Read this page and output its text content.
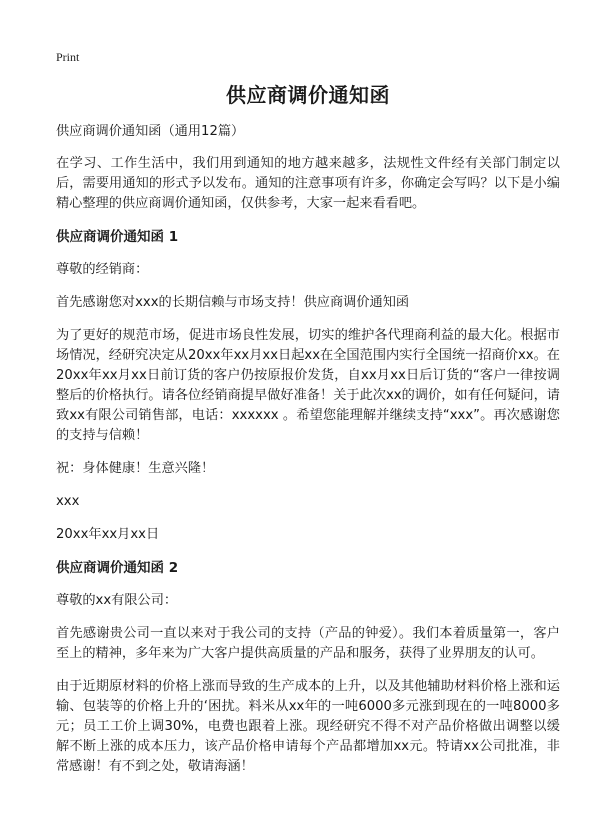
Print
供应商调价通知函

供应商调价通知函（通用12篇）

在学习、工作生活中，我们用到通知的地方越来越多，法规性文件经有关部门制定以后，需要用通知的形式予以发布。通知的注意事项有许多，你确定会写吗？以下是小编精心整理的供应商调价通知函，仅供参考，大家一起来看看吧。

供应商调价通知函 1

尊敬的经销商：

首先感谢您对xxx的长期信赖与市场支持！供应商调价通知函

为了更好的规范市场，促进市场良性发展，切实的维护各代理商利益的最大化。根据市场情况，经研究决定从20xx年xx月xx日起xx在全国范围内实行全国统一招商价xx。在20xx年xx月xx日前订货的客户仍按原报价发货，自xx月xx日后订货的“客户一律按调整后的价格执行。请各位经销商提早做好准备！关于此次xx的调价，如有任何疑问，请致xx有限公司销售部，电话：xxxxxx 。希望您能理解并继续支持“xxx”。再次感谢您的支持与信赖！

祝：身体健康！生意兴隆！

xxx

20xx年xx月xx日

供应商调价通知函 2

尊敬的xx有限公司：

首先感谢贵公司一直以来对于我公司的支持（产品的钟爱）。我们本着质量第一，客户至上的精神，多年来为广大客户提供高质量的产品和服务，获得了业界朋友的认可。

由于近期原材料的价格上涨而导致的生产成本的上升，以及其他辅助材料价格上涨和运输、包装等的价格上升的‘困扰。料米从xx年的一吨6000多元涨到现在的一吨8000多元；员工工价上调30%，电费也跟着上涨。现经研究不得不对产品价格做出调整以缓解不断上涨的成本压力，该产品价格申请每个产品都增加xx元。特请xx公司批准，非常感谢！有不到之处，敬请海涵！
